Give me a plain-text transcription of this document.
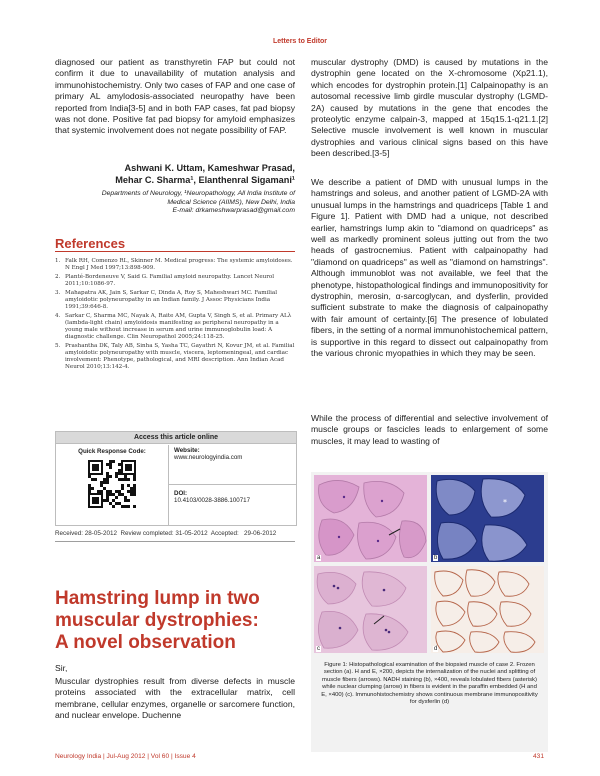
Letters to Editor

diagnosed our patient as transthyretin FAP but could not confirm it due to unavailability of mutation analysis and immunohistochemistry. Only two cases of FAP and one case of primary AL amylodosis-associated neuropathy have been reported from India[3-5] and in both FAP cases, fat pad biopsy was not done. Positive fat pad biopsy for amyloid emphasizes that systemic involvement does not negate possibility of FAP.

Ashwani K. Uttam, Kameshwar Prasad,
Mehar C. Sharma¹, Elanthenral Sigamani¹
Departments of Neurology, ¹Neuropathology, All India Institute of
Medical Science (AIIMS), New Delhi, India
E-mail: drkameshwarprasad@gmail.com
References
1. Falk RH, Comenzo RL, Skinner M. Medical progress: The systemic amyloidoses. N Engl J Med 1997;13:898-909.
2. Planté-Bordeneuve V, Said G. Familial amyloid neuropathy. Lancet Neurol 2011;10:1086-97.
3. Mahapatra AK, Jain S, Sarkar C, Dinda A, Roy S, Maheshwari MC. Familial amyloidotic polyneuropathy in an Indian family. J Assoc Physicians India 1991;39:646-8.
4. Sarkar C, Sharma MC, Nayak A, Raite AM, Gupta V, Singh S, et al. Primary ALλ (lambda-light chain) amyloidosis manifesting as peripheral neuropathy in a young male without increase in serum and urine immunoglobulin load: A diagnostic challenge. Clin Neuropathol 2005;24:118-25.
5. Prashantha DK, Taly AB, Sinha S, Yasha TC, Gayathri N, Kovur JM, et al. Familial amyloidotic polyneuropathy with muscle, viscera, leptomeningeal, and cardiac involvement: Phenotype, pathological, and MRI description. Ann Indian Acad Neurol 2010;13:142-4.
Access this article online
Quick Response Code:	Website:
www.neurologyindia.com
DOI:
10.4103/0028-3886.100717
Received: 28-05-2012  Review completed: 31-05-2012  Accepted:   29-06-2012
Hamstring lump in two
muscular dystrophies:
A novel observation
Sir,
Muscular dystrophies result from diverse defects in muscle proteins associated with the extracellular matrix, cell membrane, cellular enzymes, organelle or sarcomere function, and nuclear envelope. Duchenne
muscular dystrophy (DMD) is caused by mutations in the dystrophin gene located on the X-chromosome (Xp21.1), which encodes for dystrophin protein.[1] Calpainopathy is an autosomal recessive limb girdle muscular dystrophy (LGMD-2A) caused by mutations in the gene that encodes the proteolytic enzyme calpain-3, mapped at 15q15.1-q21.1.[2] Selective muscle involvement is well known in muscular dystrophies and various clinical signs based on this have been described.[3-5]
We describe a patient of DMD with unusual lumps in the hamstrings and soleus, and another patient of LGMD-2A with unusual lumps in the hamstrings and quadriceps [Table 1 and Figure 1]. Patient with DMD had a unique, not described earlier, hamstrings lump akin to "diamond on quadriceps" as well as markedly prominent soleus jutting out from the two heads of gastrocnemius. Patient with calpainopathy had "diamond on quadriceps" as well as "diamond on hamstrings". Although immunoblot was not available, we feel that the phenotype, histopathological findings and immunopositivity for dystrophin, merosin, α-sarcoglycan, and dysferlin, provided sufficient substrate to make the diagnosis of calpainopathy with fair amount of certainty.[6] The presence of lobulated fibers, in the setting of a normal immunohistochemical pattern, is supportive in this regard to dissect out calpainopathy from the various chronic myopathies in which they may be seen.
While the process of differential and selective involvement of muscle groups or fascicles leads to enlargement of some muscles, it may lead to wasting of
a
*
b
c	d
Figure 1: Histopathological examination of the biopsied muscle of case 2. Frozen section (a). H and E, ×200, depicts the internalization of the nuclei and splitting of muscle fibers (arrows). NADH staining (b), ×400, reveals lobulated fibers (asterisk) while nuclear clumping (arrow) in fibers is evident in the paraffin embedded (H and E, ×400) (c). Immunohistochemistry shows continuous membrane immunopositivity for dysferlin (d)
Neurology India | Jul-Aug 2012 | Vol 60 | Issue 4	431
